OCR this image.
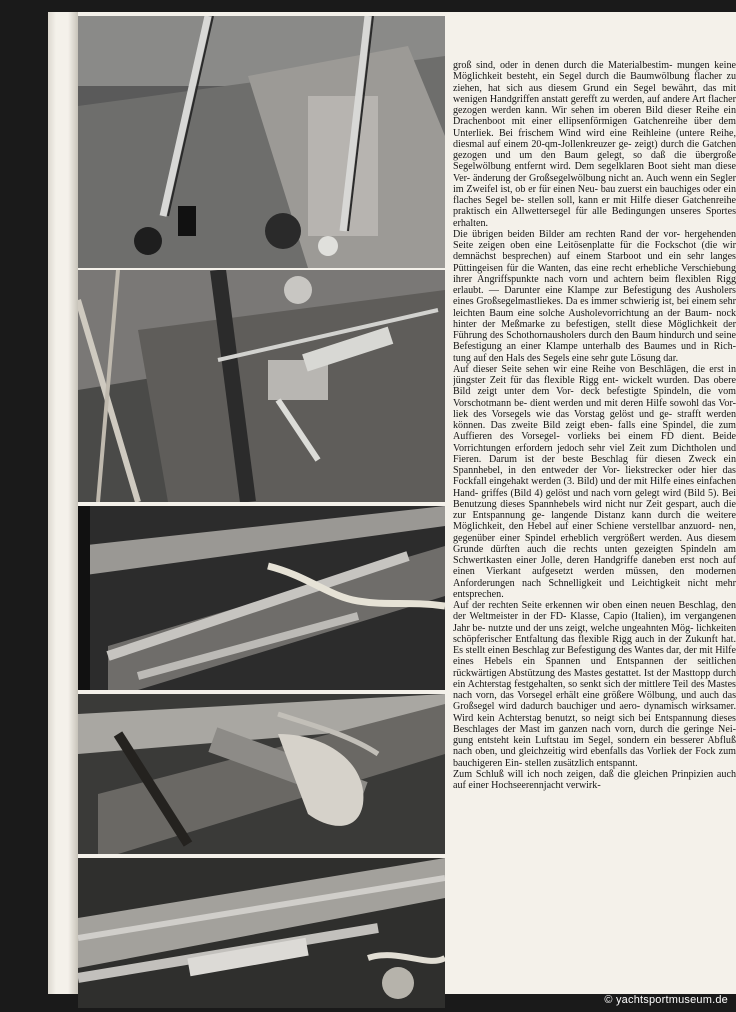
groß sind, oder in denen durch die Materialbestim- mungen keine Möglichkeit besteht, ein Segel durch die Baumwölbung flacher zu ziehen, hat sich aus diesem Grund ein Segel bewährt, das mit wenigen Handgriffen anstatt gerefft zu werden, auf andere Art flacher gezogen werden kann. Wir sehen im oberen Bild dieser Reihe ein Drachenboot mit einer ellipsenförmigen Gatchenreihe über dem Unterliek. Bei frischem Wind wird eine Reihleine (untere Reihe, diesmal auf einem 20-qm-Jollenkreuzer ge- zeigt) durch die Gatchen gezogen und um den Baum gelegt, so daß die übergroße Segelwölbung entfernt wird. Dem segelklaren Boot sieht man diese Ver- änderung der Großsegelwölbung nicht an. Auch wenn ein Segler im Zweifel ist, ob er für einen Neu- bau zuerst ein bauchiges oder ein flaches Segel be- stellen soll, kann er mit Hilfe dieser Gatchenreihe praktisch ein Allwettersegel für alle Bedingungen unseres Sportes erhalten.

Die übrigen beiden Bilder am rechten Rand der vor- hergehenden Seite zeigen oben eine Leitösenplatte für die Fockschot (die wir demnächst besprechen) auf einem Starboot und ein sehr langes Püttingeisen für die Wanten, das eine recht erhebliche Verschiebung ihrer Angriffspunkte nach vorn und achtern beim flexiblen Rigg erlaubt. — Darunter eine Klampe zur Befestigung des Ausholers eines Großsegelmastliekes. Da es immer schwierig ist, bei einem sehr leichten Baum eine solche Ausholevorrichtung an der Baum- nock hinter der Meßmarke zu befestigen, stellt diese Möglichkeit der Führung des Schothornausholers durch den Baum hindurch und seine Befestigung an einer Klampe unterhalb des Baumes und in Rich- tung auf den Hals des Segels eine sehr gute Lösung dar.

Auf dieser Seite sehen wir eine Reihe von Beschlägen, die erst in jüngster Zeit für das flexible Rigg ent- wickelt wurden. Das obere Bild zeigt unter dem Vor- deck befestigte Spindeln, die vom Vorschotmann be- dient werden und mit deren Hilfe sowohl das Vor- liek des Vorsegels wie das Vorstag gelöst und ge- strafft werden können. Das zweite Bild zeigt eben- falls eine Spindel, die zum Auffieren des Vorsegel- vorlieks bei einem FD dient. Beide Vorrichtungen erfordern jedoch sehr viel Zeit zum Dichtholen und Fieren. Darum ist der beste Beschlag für diesen Zweck ein Spannhebel, in den entweder der Vor- liekstrecker oder hier das Fockfall eingehakt werden (3. Bild) und der mit Hilfe eines einfachen Hand- griffes (Bild 4) gelöst und nach vorn gelegt wird (Bild 5). Bei Benutzung dieses Spannhebels wird nicht nur Zeit gespart, auch die zur Entspannung ge- langende Distanz kann durch die weitere Möglichkeit, den Hebel auf einer Schiene verstellbar anzuord- nen, gegenüber einer Spindel erheblich vergrößert werden. Aus diesem Grunde dürften auch die rechts unten gezeigten Spindeln am Schwertkasten einer Jolle, deren Handgriffe daneben erst noch auf einen Vierkant aufgesetzt werden müssen, den modernen Anforderungen nach Schnelligkeit und Leichtigkeit nicht mehr entsprechen.

Auf der rechten Seite erkennen wir oben einen neuen Beschlag, den der Weltmeister in der FD- Klasse, Capio (Italien), im vergangenen Jahr be- nutzte und der uns zeigt, welche ungeahnten Mög- lichkeiten schöpferischer Entfaltung das flexible Rigg auch in der Zukunft hat. Es stellt einen Beschlag zur Befestigung des Wantes dar, der mit Hilfe eines Hebels ein Spannen und Entspannen der seitlichen rückwärtigen Abstützung des Mastes gestattet. Ist der Masttopp durch ein Achterstag festgehalten, so senkt sich der mittlere Teil des Mastes nach vorn, das Vorsegel erhält eine größere Wölbung, und auch das Großsegel wird dadurch bauchiger und aero- dynamisch wirksamer. Wird kein Achterstag benutzt, so neigt sich bei Entspannung dieses Beschlages der Mast im ganzen nach vorn, durch die geringe Nei- gung entsteht kein Luftstau im Segel, sondern ein besserer Abfluß nach oben, und gleichzeitig wird ebenfalls das Vorliek der Fock zum bauchigeren Ein- stellen zusätzlich entspannt.

Zum Schluß will ich noch zeigen, daß die gleichen Prinpizien auch auf einer Hochseerennjacht verwirk-

© yachtsportmuseum.de
